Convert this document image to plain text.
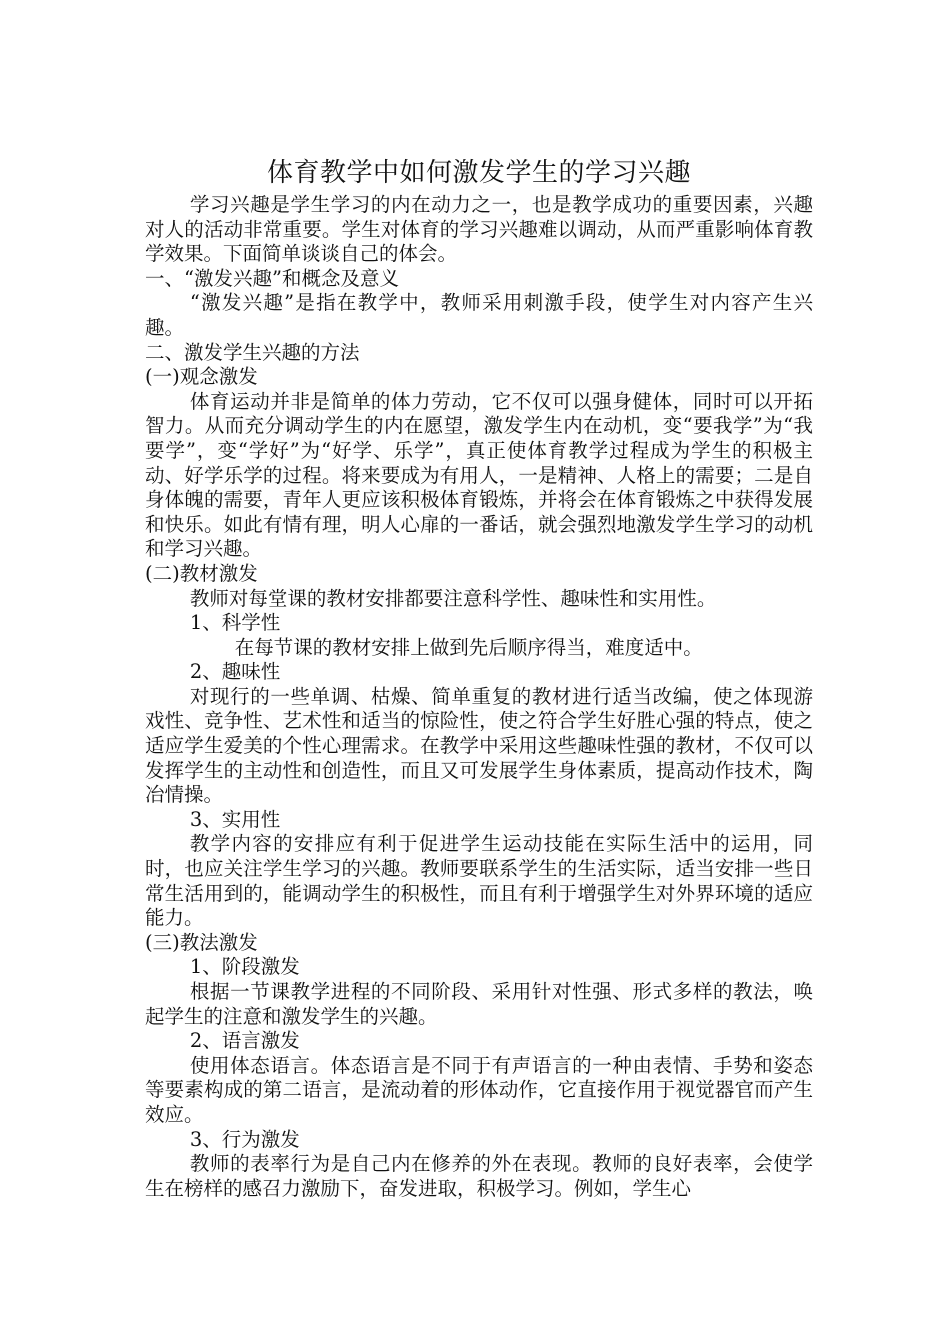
体育教学中如何激发学生的学习兴趣

学习兴趣是学生学习的内在动力之一，也是教学成功的重要因素，兴趣对人的活动非常重要。学生对体育的学习兴趣难以调动，从而严重影响体育教学效果。下面简单谈谈自己的体会。

一、“激发兴趣”和概念及意义

“激发兴趣”是指在教学中，教师采用刺激手段，使学生对内容产生兴趣。

二、激发学生兴趣的方法

(一)观念激发

体育运动并非是简单的体力劳动，它不仅可以强身健体，同时可以开拓智力。从而充分调动学生的内在愿望，激发学生内在动机，变“要我学”为“我要学”，变“学好”为“好学、乐学”，真正使体育教学过程成为学生的积极主动、好学乐学的过程。将来要成为有用人，一是精神、人格上的需要；二是自身体魄的需要，青年人更应该积极体育锻炼，并将会在体育锻炼之中获得发展和快乐。如此有情有理，明人心扉的一番话，就会强烈地激发学生学习的动机和学习兴趣。

(二)教材激发

教师对每堂课的教材安排都要注意科学性、趣味性和实用性。

1、科学性

在每节课的教材安排上做到先后顺序得当，难度适中。

2、趣味性

对现行的一些单调、枯燥、简单重复的教材进行适当改编，使之体现游戏性、竞争性、艺术性和适当的惊险性，使之符合学生好胜心强的特点，使之适应学生爱美的个性心理需求。在教学中采用这些趣味性强的教材，不仅可以发挥学生的主动性和创造性，而且又可发展学生身体素质，提高动作技术，陶冶情操。

3、实用性

教学内容的安排应有利于促进学生运动技能在实际生活中的运用，同时，也应关注学生学习的兴趣。教师要联系学生的生活实际，适当安排一些日常生活用到的，能调动学生的积极性，而且有利于增强学生对外界环境的适应能力。

(三)教法激发

1、阶段激发

根据一节课教学进程的不同阶段、采用针对性强、形式多样的教法，唤起学生的注意和激发学生的兴趣。

2、语言激发

使用体态语言。体态语言是不同于有声语言的一种由表情、手势和姿态等要素构成的第二语言，是流动着的形体动作，它直接作用于视觉器官而产生效应。

3、行为激发

教师的表率行为是自己内在修养的外在表现。教师的良好表率，会使学生在榜样的感召力激励下，奋发进取，积极学习。例如，学生心
